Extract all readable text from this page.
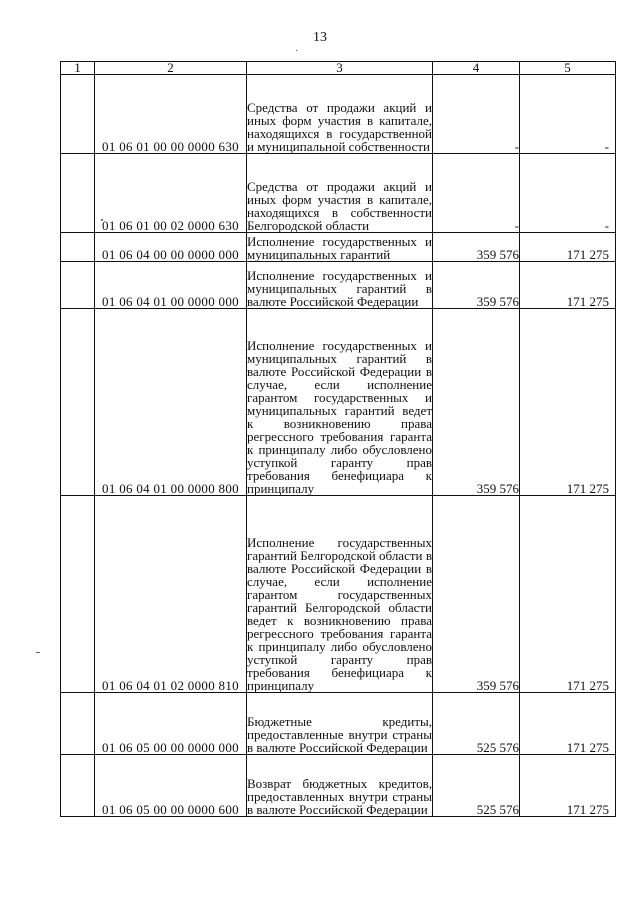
13
·
1	2	3	4	5
	01 06 01 00 00 0000 630	Средства от продажи акций и иных форм участия в капитале, находящихся в государственной и муниципальной собственности	-	-
	01 06 01 00 02 0000 630	Средства от продажи акций и иных форм участия в капитале, находящихся в собственности Белгородской области	-	-
	01 06 04 00 00 0000 000	Исполнение государственных и муниципальных гарантий	359 576	171 275
	01 06 04 01 00 0000 000	Исполнение государственных и муниципальных гарантий в валюте Российской Федерации	359 576	171 275
	01 06 04 01 00 0000 800	Исполнение государственных и муниципальных гарантий в валюте Российской Федерации в случае, если исполнение гарантом государственных и муниципальных гарантий ведет к возникновению права регрессного требования гаранта к принципалу либо обусловлено уступкой гаранту прав требования бенефициара к принципалу	359 576	171 275
	01 06 04 01 02 0000 810	Исполнение государственных гарантий Белгородской области в валюте Российской Федерации в случае, если исполнение гарантом государственных гарантий Белгородской области ведет к возникновению права регрессного требования гаранта к принципалу либо обусловлено уступкой гаранту прав требования бенефициара к принципалу	359 576	171 275
	01 06 05 00 00 0000 000	Бюджетные кредиты, предоставленные внутри страны в валюте Российской Федерации	525 576	171 275
	01 06 05 00 00 0000 600	Возврат бюджетных кредитов, предоставленных внутри страны в валюте Российской Федерации	525 576	171 275
